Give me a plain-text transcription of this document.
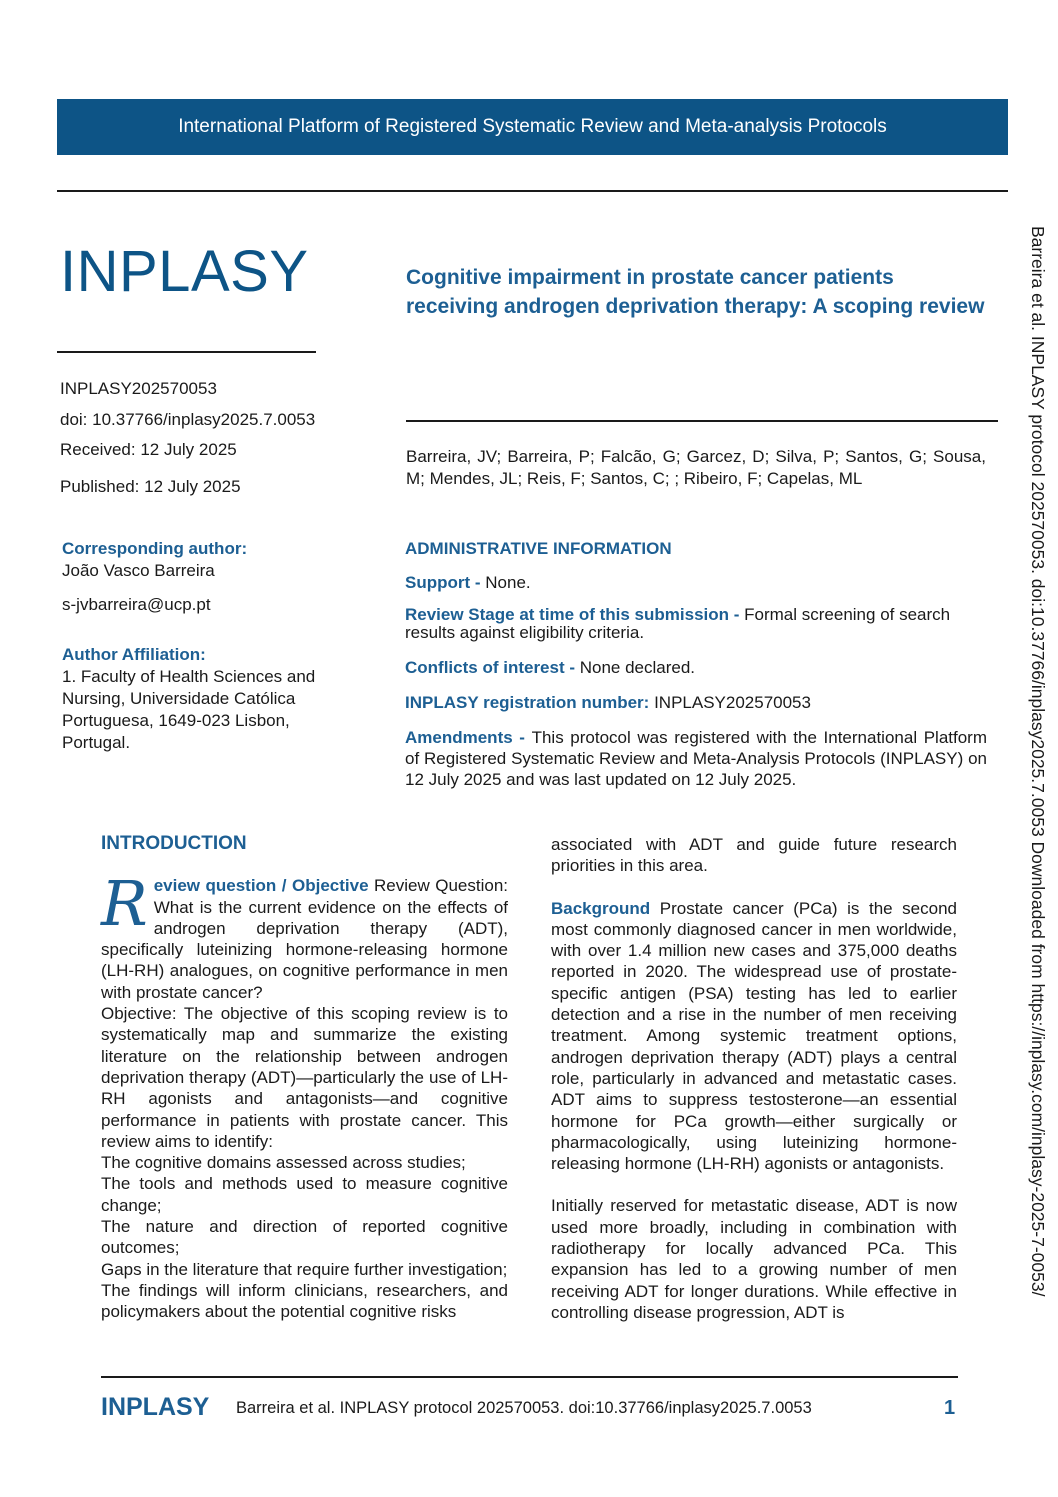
International Platform of Registered Systematic Review and Meta-analysis Protocols
INPLASY	Cognitive impairment in prostate cancer patients receiving androgen deprivation therapy: A scoping review
INPLASY202570053
doi: 10.37766/inplasy2025.7.0053
Received: 12 July 2025
Published: 12 July 2025
Barreira, JV; Barreira, P; Falcão, G; Garcez, D; Silva, P; Santos, G; Sousa, M; Mendes, JL; Reis, F; Santos, C; ; Ribeiro, F; Capelas, ML
Corresponding author:
João Vasco Barreira
s-jvbarreira@ucp.pt
Author Affiliation:
1. Faculty of Health Sciences and Nursing, Universidade Católica Portuguesa, 1649-023 Lisbon, Portugal.
ADMINISTRATIVE INFORMATION
Support - None.
Review Stage at time of this submission - Formal screening of search results against eligibility criteria.
Conflicts of interest - None declared.
INPLASY registration number: INPLASY202570053
Amendments - This protocol was registered with the International Platform of Registered Systematic Review and Meta-Analysis Protocols (INPLASY) on 12 July 2025 and was last updated on 12 July 2025.

INTRODUCTION

Review question / Objective Review Question: What is the current evidence on the effects of androgen deprivation therapy (ADT), specifically luteinizing hormone-releasing hormone (LH-RH) analogues, on cognitive performance in men with prostate cancer?

Objective: The objective of this scoping review is to systematically map and summarize the existing literature on the relationship between androgen deprivation therapy (ADT)—particularly the use of LH-RH agonists and antagonists—and cognitive performance in patients with prostate cancer. This review aims to identify:

The cognitive domains assessed across studies;

The tools and methods used to measure cognitive change;

The nature and direction of reported cognitive outcomes;

Gaps in the literature that require further investigation;

The findings will inform clinicians, researchers, and policymakers about the potential cognitive risks

associated with ADT and guide future research priorities in this area.

Background Prostate cancer (PCa) is the second most commonly diagnosed cancer in men worldwide, with over 1.4 million new cases and 375,000 deaths reported in 2020. The widespread use of prostate-specific antigen (PSA) testing has led to earlier detection and a rise in the number of men receiving treatment. Among systemic treatment options, androgen deprivation therapy (ADT) plays a central role, particularly in advanced and metastatic cases. ADT aims to suppress testosterone—an essential hormone for PCa growth—either surgically or pharmacologically, using luteinizing hormone-releasing hormone (LH-RH) agonists or antagonists.

Initially reserved for metastatic disease, ADT is now used more broadly, including in combination with radiotherapy for locally advanced PCa. This expansion has led to a growing number of men receiving ADT for longer durations. While effective in controlling disease progression, ADT is

Barreira et al. INPLASY protocol 202570053. doi:10.37766/inplasy2025.7.0053 Downloaded from https://inplasy.com/inplasy-2025-7-0053/
INPLASY Barreira et al. INPLASY protocol 202570053. doi:10.37766/inplasy2025.7.0053	1
